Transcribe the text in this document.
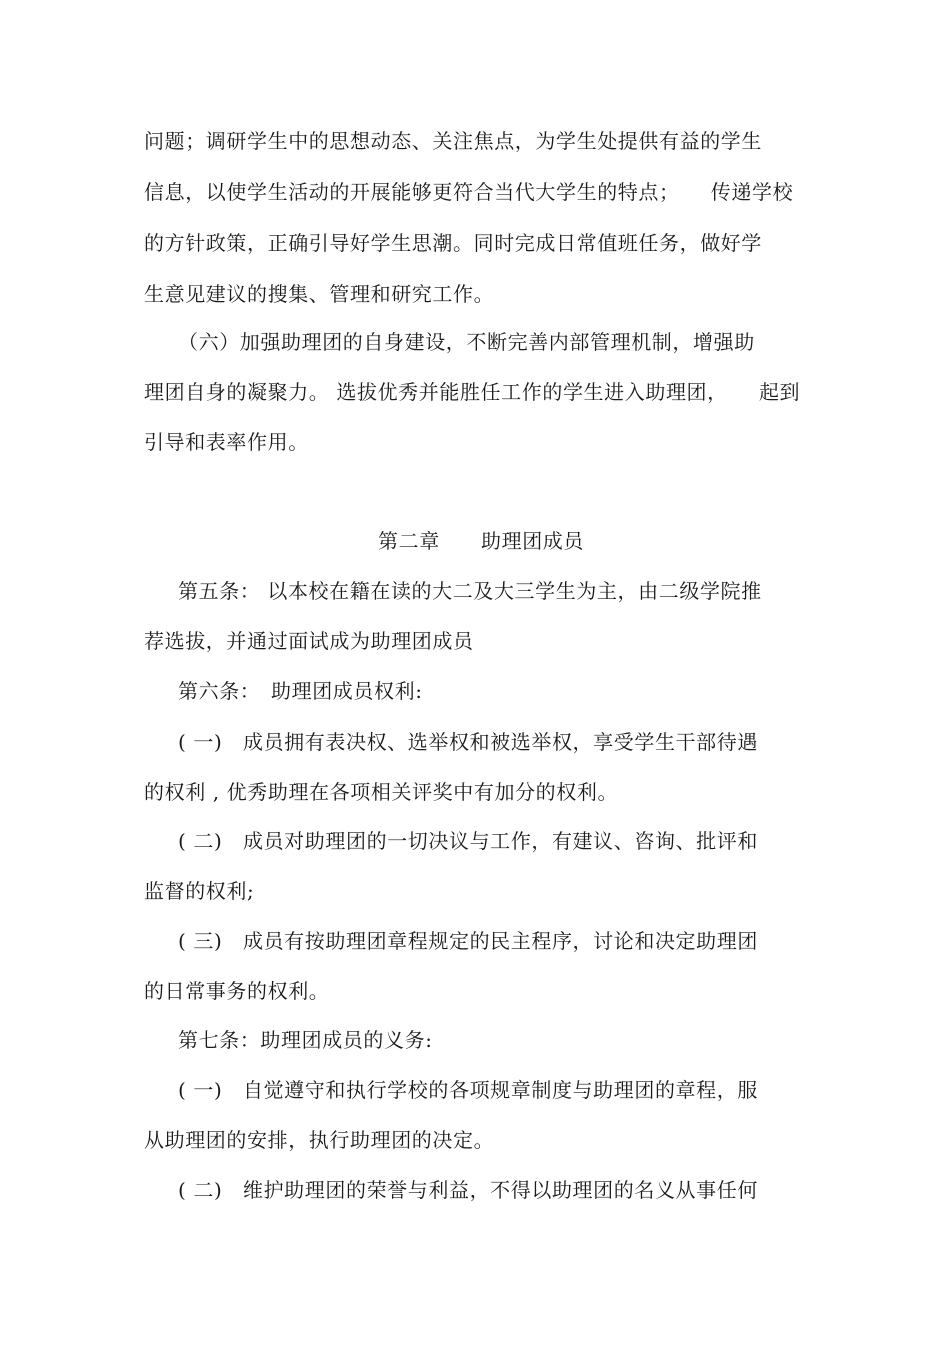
问题；调研学生中的思想动态、关注焦点，为学生处提供有益的学生
信息，以使学生活动的开展能够更符合当代大学生的特点；　　传递学校
的方针政策，正确引导好学生思潮。同时完成日常值班任务，做好学
生意见建议的搜集、管理和研究工作。
（六）加强助理团的自身建设，不断完善内部管理机制，增强助
理团自身的凝聚力。 选拔优秀并能胜任工作的学生进入助理团，　　起到
引导和表率作用。
第二章　　助理团成员
第五条： 以本校在籍在读的大二及大三学生为主，由二级学院推
荐选拔，并通过面试成为助理团成员
第六条：　助理团成员权利:
( 一)　成员拥有表决权、选举权和被选举权，享受学生干部待遇
的权利 , 优秀助理在各项相关评奖中有加分的权利。
( 二)　成员对助理团的一切决议与工作，有建议、咨询、批评和
监督的权利;
( 三)　成员有按助理团章程规定的民主程序，讨论和决定助理团
的日常事务的权利。
第七条：助理团成员的义务:
( 一)　自觉遵守和执行学校的各项规章制度与助理团的章程，服
从助理团的安排，执行助理团的决定。
( 二)　维护助理团的荣誉与利益，不得以助理团的名义从事任何
